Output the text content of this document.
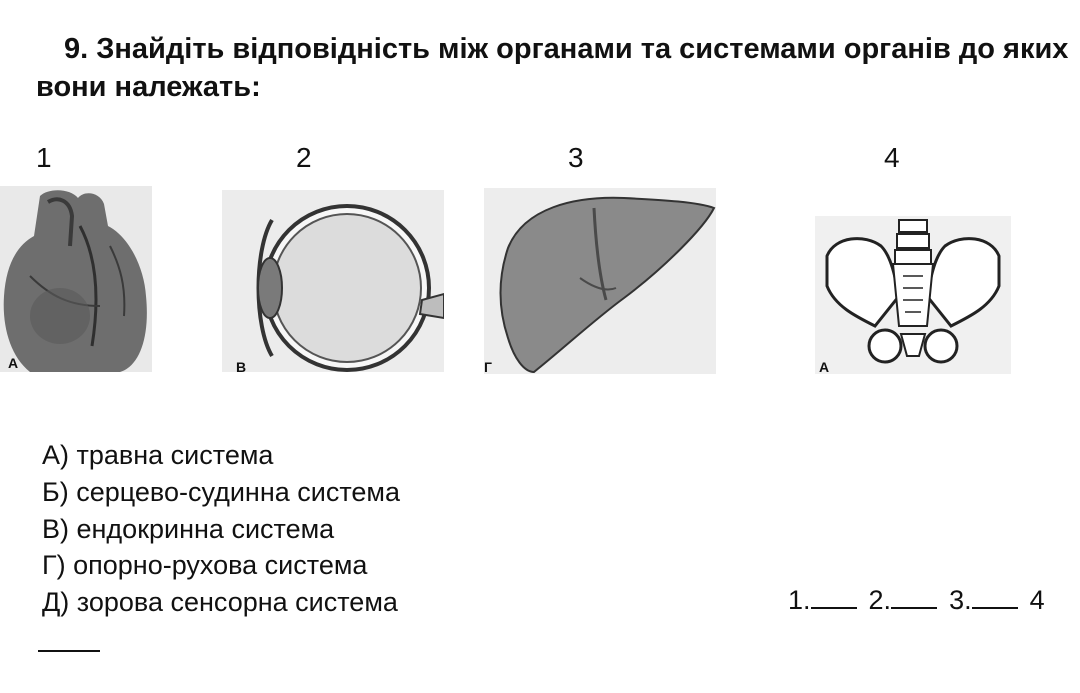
9. Знайдіть відповідність між органами та системами органів до яких вони належать:

1	2	3	4
А	В	Г	А
А) травна система
Б) серцево-судинна система
В) ендокринна система
Г) опорно-рухова система
Д) зорова сенсорна система	1. 2. 3. 4
